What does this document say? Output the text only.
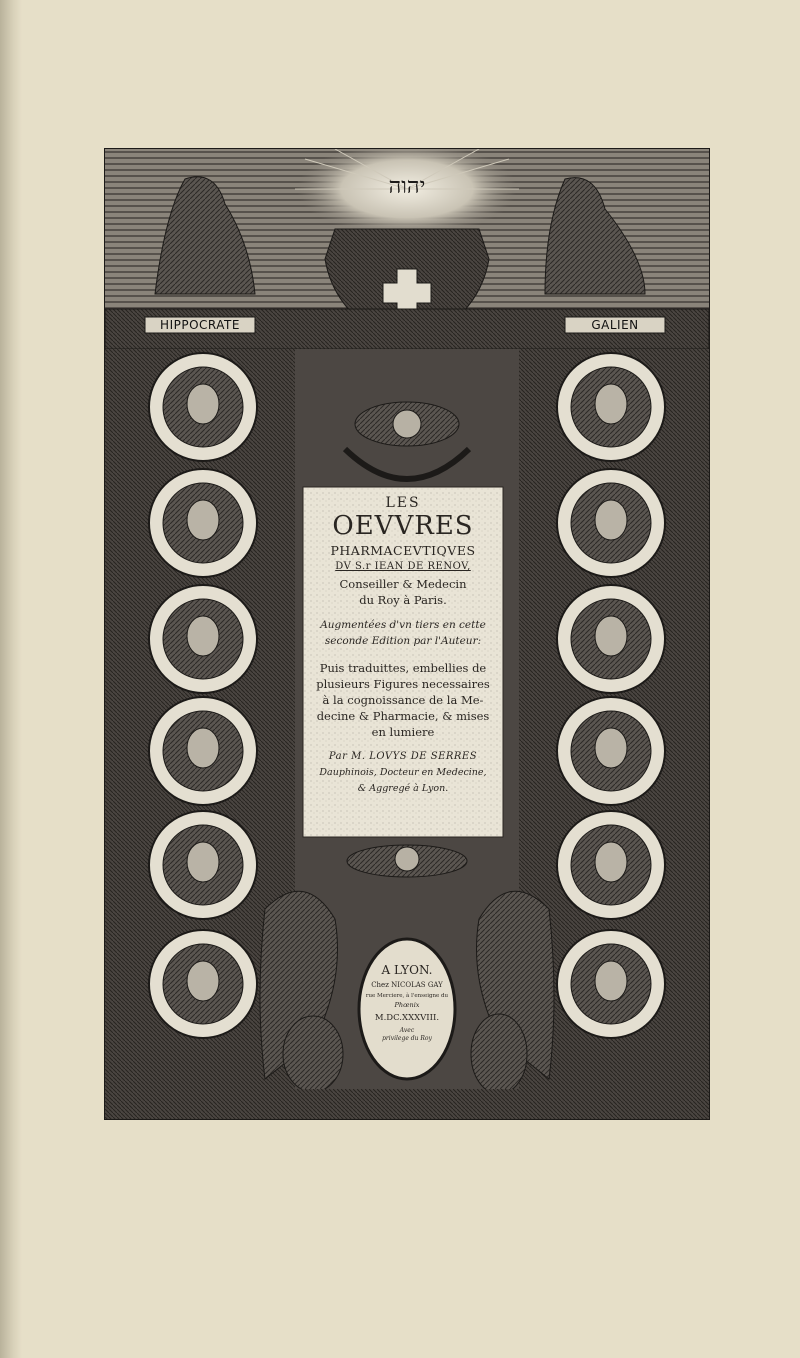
יהוה
HIPPOCRATE	GALIEN
LES
OEVVRES
PHARMACEVTIQVES
DV S.r IEAN DE RENOV,
Conseiller & Medecin
du Roy à Paris.
Augmentées d'vn tiers en cette
seconde Edition par l'Auteur:
Puis traduittes, embellies de
plusieurs Figures necessaires
à la cognoissance de la Me-
decine & Pharmacie, & mises
en lumiere
Par M. LOVYS DE SERRES
Dauphinois, Docteur en Medecine,
& Aggregé à Lyon.
A LYON.
Chez NICOLAS GAY
rue Merciere, à l'enseigne du
Phœnix
M.DC.XXXVIII.
Avec
privilege du Roy
